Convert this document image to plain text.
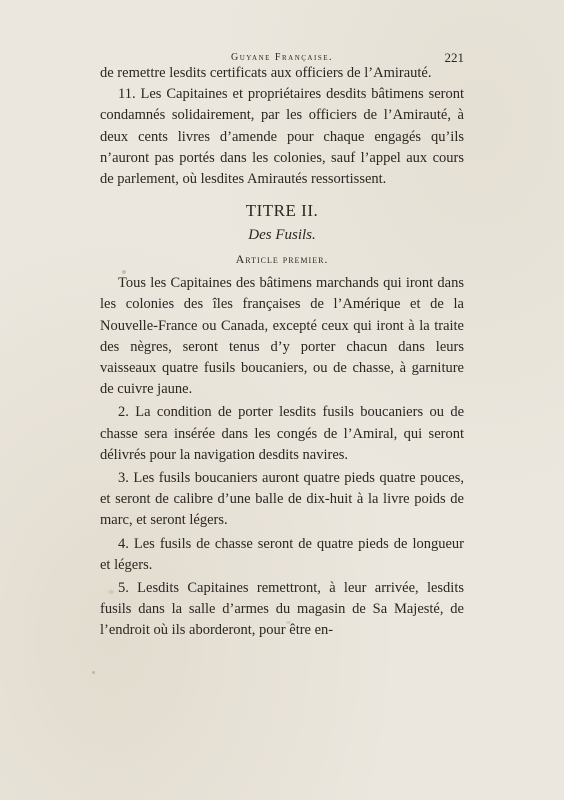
Guyane Française.	221

de remettre lesdits certificats aux officiers de l’Amirauté.

11. Les Capitaines et propriétaires desdits bâtimens seront condamnés solidairement, par les officiers de l’Amirauté, à deux cents livres d’amende pour chaque engagés qu’ils n’auront pas portés dans les colonies, sauf l’appel aux cours de parlement, où lesdites Amirautés ressortissent.

TITRE II.

Des Fusils.

Article premier.

Tous les Capitaines des bâtimens marchands qui iront dans les colonies des îles françaises de l’Amérique et de la Nouvelle-France ou Canada, excepté ceux qui iront à la traite des nègres, seront tenus d’y porter chacun dans leurs vaisseaux quatre fusils boucaniers, ou de chasse, à garniture de cuivre jaune.

2. La condition de porter lesdits fusils boucaniers ou de chasse sera insérée dans les congés de l’Amiral, qui seront délivrés pour la navigation desdits navires.

3. Les fusils boucaniers auront quatre pieds quatre pouces, et seront de calibre d’une balle de dix-huit à la livre poids de marc, et seront légers.

4. Les fusils de chasse seront de quatre pieds de longueur et légers.

5. Lesdits Capitaines remettront, à leur arrivée, lesdits fusils dans la salle d’armes du magasin de Sa Majesté, de l’endroit où ils aborderont, pour être en-
